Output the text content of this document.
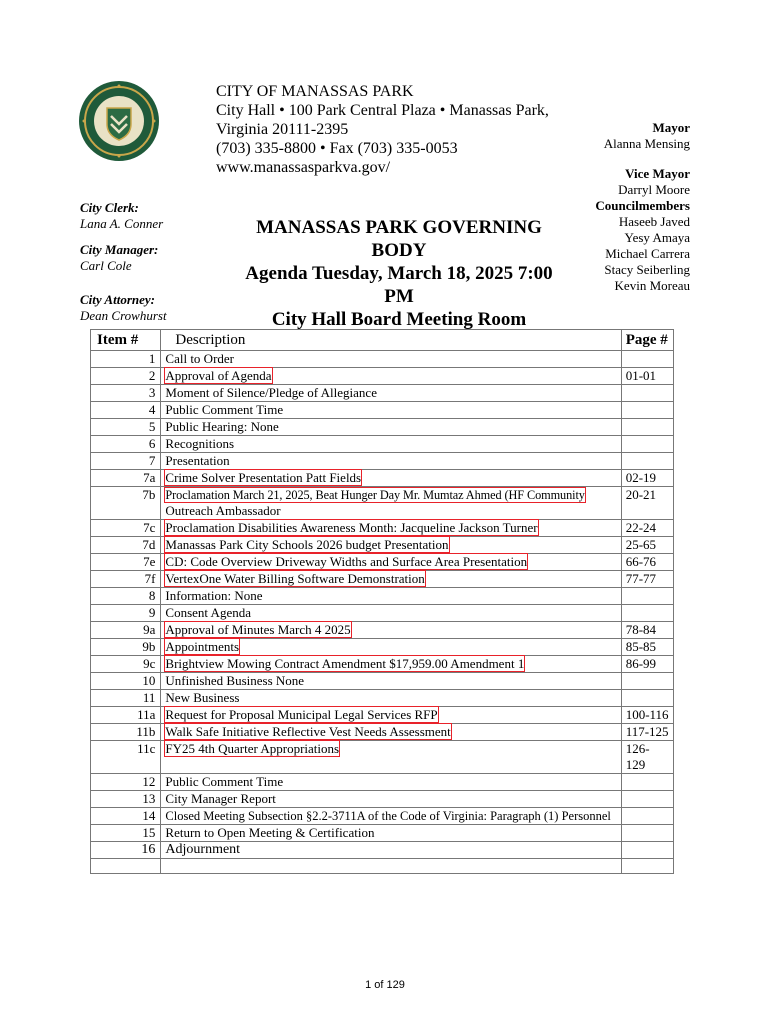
CITY OF MANASSAS PARK
City Hall • 100 Park Central Plaza • Manassas Park,
Virginia 20111-2395
(703) 335-8800 • Fax (703) 335-0053
www.manassasparkva.gov/
Mayor
Alanna Mensing
Vice Mayor
Darryl Moore
Councilmembers
Haseeb Javed
Yesy Amaya
Michael Carrera
Stacy Seiberling
Kevin Moreau
City Clerk:
Lana A. Conner
City Manager:
Carl Cole
City Attorney:
Dean Crowhurst
MANASSAS PARK GOVERNING BODY
Agenda Tuesday, March 18, 2025 7:00 PM
City Hall Board Meeting Room
Item #	Description	Page #
1	Call to Order	
2	Approval of Agenda	01-01
3	Moment of Silence/Pledge of Allegiance	
4	Public Comment Time	
5	Public Hearing: None	
6	Recognitions	
7	Presentation	
7a	Crime Solver Presentation Patt Fields	02-19
7b	Proclamation March 21, 2025, Beat Hunger Day Mr. Mumtaz Ahmed (HF Community
Outreach Ambassador	20-21
7c	Proclamation Disabilities Awareness Month: Jacqueline Jackson Turner	22-24
7d	Manassas Park City Schools 2026 budget Presentation	25-65
7e	CD: Code Overview Driveway Widths and Surface Area Presentation	66-76
7f	VertexOne Water Billing Software Demonstration	77-77
8	Information: None	
9	Consent Agenda	
9a	Approval of Minutes March 4 2025	78-84
9b	Appointments	85-85
9c	Brightview Mowing Contract Amendment $17,959.00 Amendment 1	86-99
10	Unfinished Business None	
11	New Business	
11a	Request for Proposal Municipal Legal Services RFP	100-116
11b	Walk Safe Initiative Reflective Vest Needs Assessment	117-125
11c	FY25 4th Quarter Appropriations	126-129
12	Public Comment Time	
13	City Manager Report	
14	Closed Meeting Subsection §2.2-3711A of the Code of Virginia: Paragraph (1) Personnel	
15	Return to Open Meeting & Certification	
16	Adjournment	

1 of 129
